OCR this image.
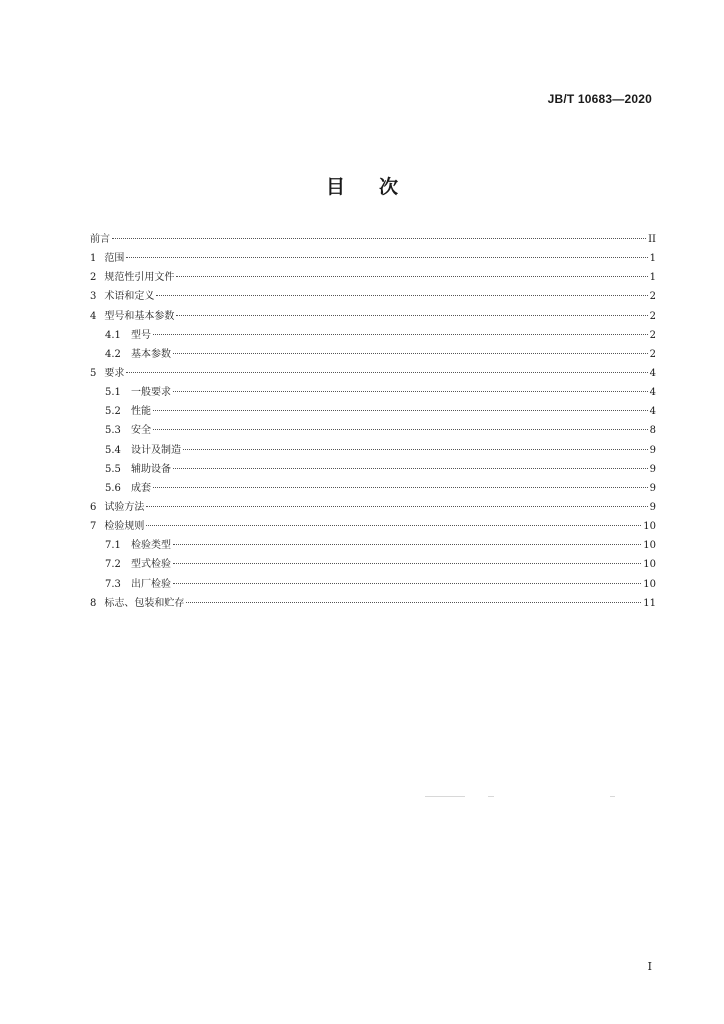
JB/T 10683—2020
目次
前言	II
1 范围	1
2 规范性引用文件	1
3 术语和定义	2
4 型号和基本参数	2
4.1 型号	2
4.2 基本参数	2
5 要求	4
5.1 一般要求	4
5.2 性能	4
5.3 安全	8
5.4 设计及制造	9
5.5 辅助设备	9
5.6 成套	9
6 试验方法	9
7 检验规则	10
7.1 检验类型	10
7.2 型式检验	10
7.3 出厂检验	10
8 标志、包装和贮存	11
I
